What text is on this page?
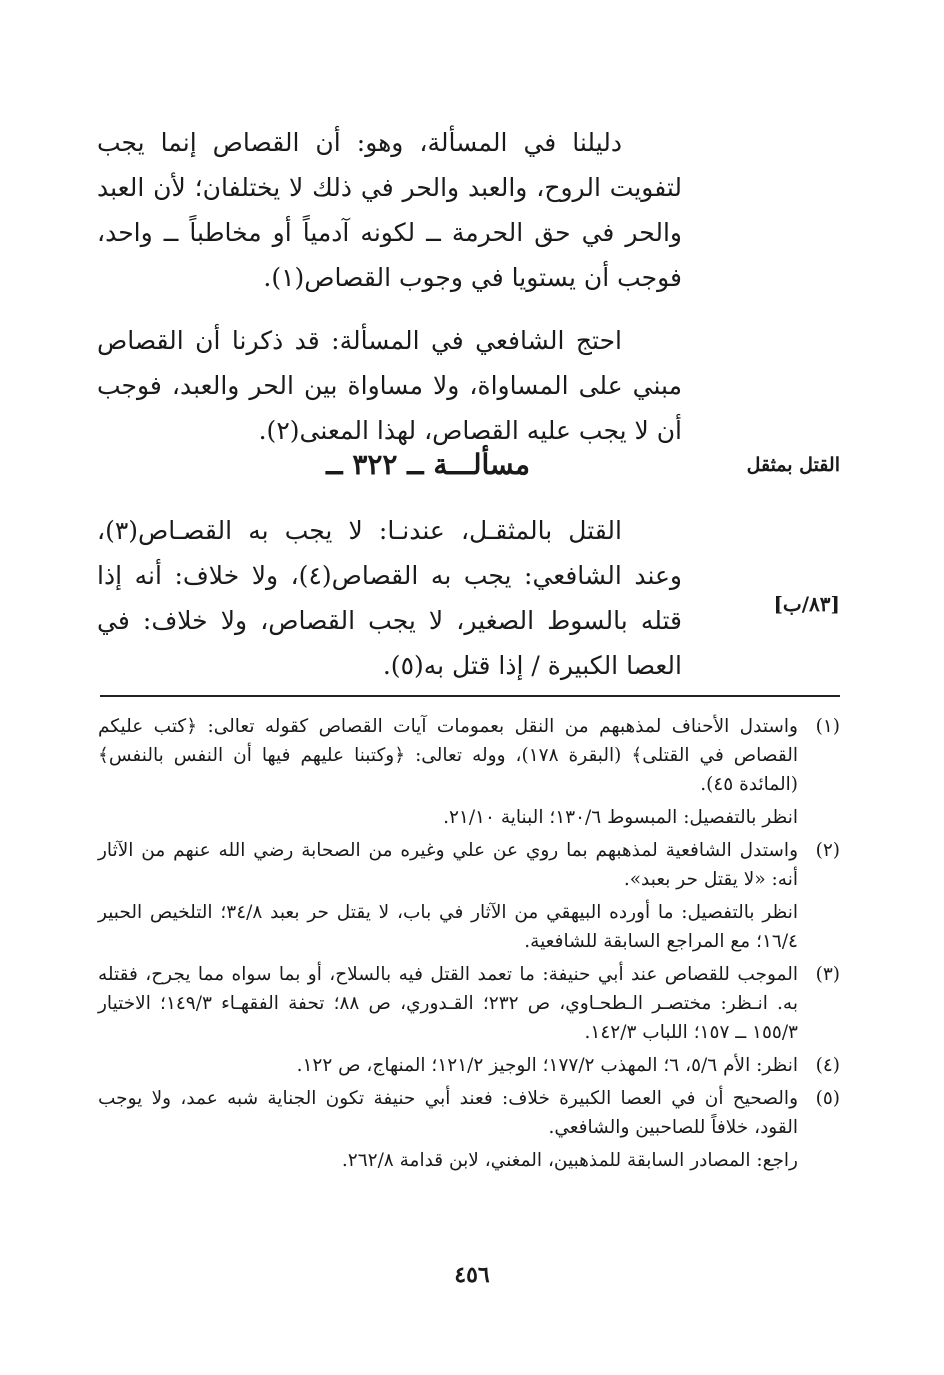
دليلنا في المسألة، وهو: أن القصاص إنما يجب لتفويت الروح، والعبد والحر في ذلك لا يختلفان؛ لأن العبد والحر في حق الحرمة ــ لكونه آدمياً أو مخاطباً ــ واحد، فوجب أن يستويا في وجوب القصاص(١).

احتج الشافعي في المسألة: قد ذكرنا أن القصاص مبني على المساواة، ولا مساواة بين الحر والعبد، فوجب أن لا يجب عليه القصاص، لهذا المعنى(٢).

القتل بمثقل
مسألـــة ــ ٣٢٢ ــ

القتل بالمثقـل، عندنـا: لا يجب به القصـاص(٣)، وعند الشافعي: يجب به القصاص(٤)، ولا خلاف: أنه إذا قتله بالسوط الصغير، لا يجب القصاص، ولا خلاف: في العصا الكبيرة / إذا قتل به(٥).

[٨٣/ب]
(١)
واستدل الأحناف لمذهبهم من النقل بعمومات آيات القصاص كقوله تعالى: ﴿كتب عليكم القصاص في القتلى﴾ (البقرة ١٧٨)، ووله تعالى: ﴿وكتبنا عليهم فيها أن النفس بالنفس﴾ (المائدة ٤٥).
انظر بالتفصيل: المبسوط ١٣٠/٦؛ البناية ٢١/١٠.
(٢)
واستدل الشافعية لمذهبهم بما روي عن علي وغيره من الصحابة رضي الله عنهم من الآثار أنه: «لا يقتل حر بعبد».
انظر بالتفصيل: ما أورده البيهقي من الآثار في باب، لا يقتل حر بعبد ٣٤/٨؛ التلخيص الحبير ١٦/٤؛ مع المراجع السابقة للشافعية.
(٣)
الموجب للقصاص عند أبي حنيفة: ما تعمد القتل فيه بالسلاح، أو بما سواه مما يجرح، فقتله به. انـظر: مختصـر الـطحـاوي، ص ٢٣٢؛ القـدوري، ص ٨٨؛ تحفة الفقهـاء ١٤٩/٣؛ الاختيار ١٥٥/٣ ــ ١٥٧؛ اللباب ١٤٢/٣.
(٤)
انظر: الأم ٥/٦، ٦؛ المهذب ١٧٧/٢؛ الوجيز ١٢١/٢؛ المنهاج، ص ١٢٢.
(٥)
والصحيح أن في العصا الكبيرة خلاف: فعند أبي حنيفة تكون الجناية شبه عمد، ولا يوجب القود، خلافاً للصاحبين والشافعي.
راجع: المصادر السابقة للمذهبين، المغني، لابن قدامة ٢٦٢/٨.
٤٥٦
